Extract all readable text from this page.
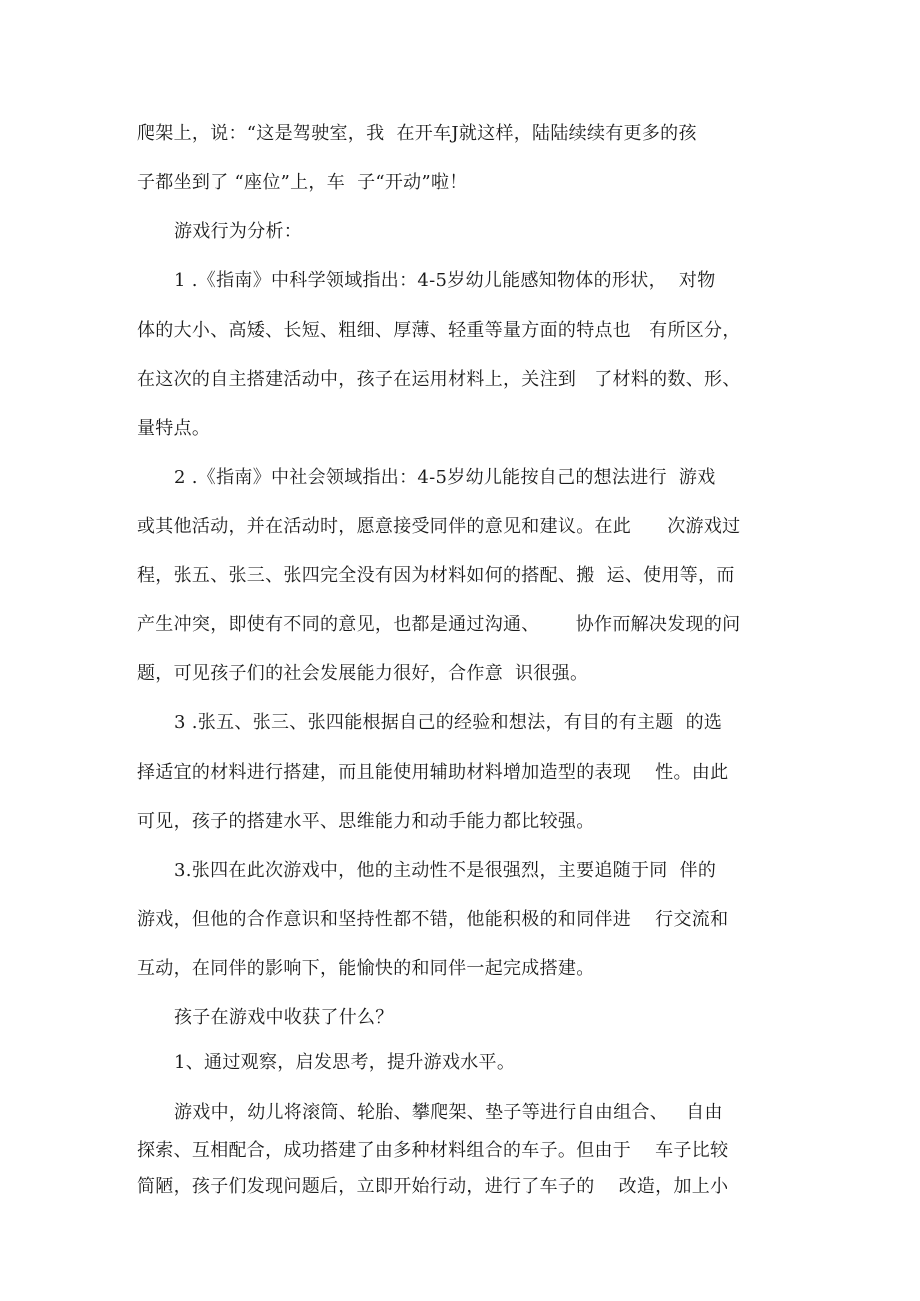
爬架上，说：“这是驾驶室，我  在开车J就这样，陆陆续续有更多的孩
子都坐到了 “座位”上，车  子“开动”啦！
游戏行为分析：
1 .《指南》中科学领域指出：4-5岁幼儿能感知物体的形状，  对物
体的大小、高矮、长短、粗细、厚薄、轻重等量方面的特点也   有所区分，
在这次的自主搭建活动中，孩子在运用材料上，关注到   了材料的数、形、
量特点。
2 .《指南》中社会领域指出：4-5岁幼儿能按自己的想法进行  游戏
或其他活动，并在活动时，愿意接受同伴的意见和建议。在此      次游戏过
程，张五、张三、张四完全没有因为材料如何的搭配、搬  运、使用等，而
产生冲突，即使有不同的意见，也都是通过沟通、      协作而解决发现的问
题，可见孩子们的社会发展能力很好，合作意  识很强。
3 .张五、张三、张四能根据自己的经验和想法，有目的有主题  的选
择适宜的材料进行搭建，而且能使用辅助材料增加造型的表现    性。由此
可见，孩子的搭建水平、思维能力和动手能力都比较强。
3.张四在此次游戏中，他的主动性不是很强烈，主要追随于同  伴的
游戏，但他的合作意识和坚持性都不错，他能积极的和同伴进    行交流和
互动，在同伴的影响下，能愉快的和同伴一起完成搭建。
孩子在游戏中收获了什么？
1、通过观察，启发思考，提升游戏水平。
游戏中，幼儿将滚筒、轮胎、攀爬架、垫子等进行自由组合、   自由
探索、互相配合，成功搭建了由多种材料组合的车子。但由于    车子比较
简陋，孩子们发现问题后，立即开始行动，进行了车子的    改造，加上小
